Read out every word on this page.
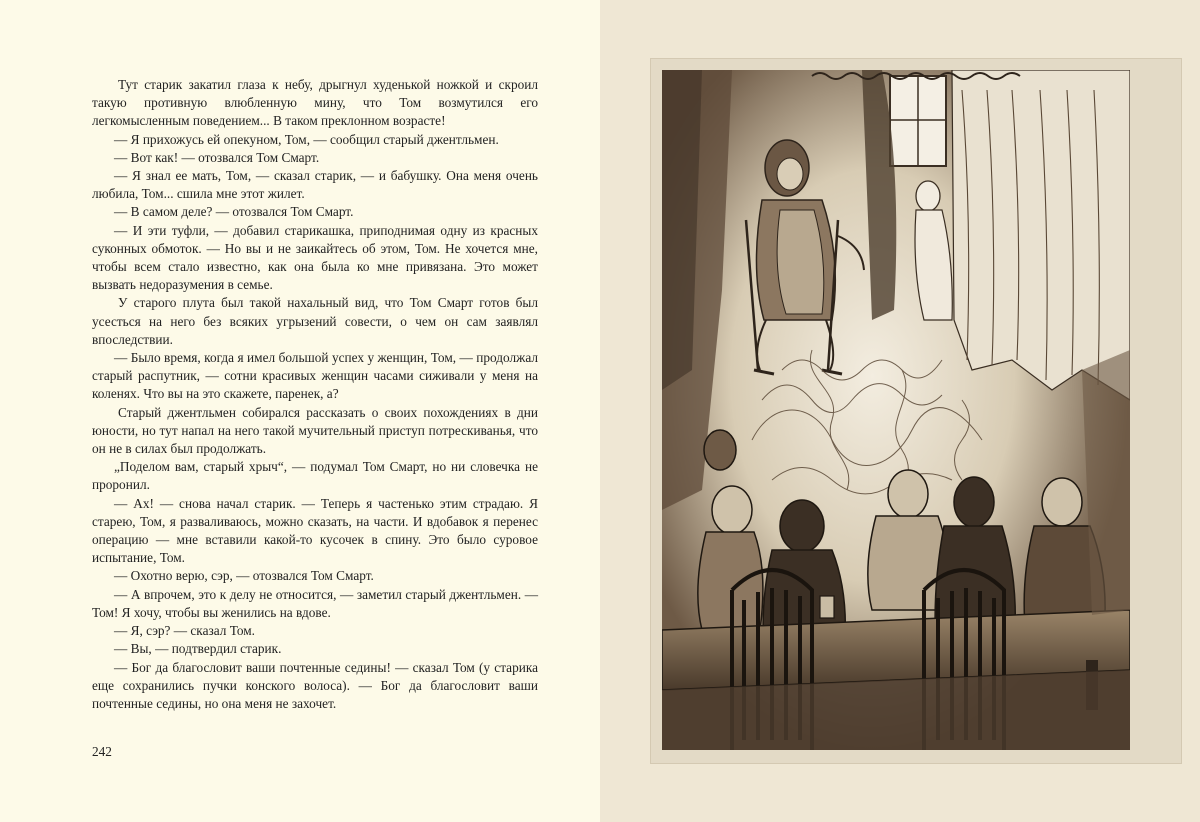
Тут старик закатил глаза к небу, дрыгнул худенькой ножкой и скроил такую противную влюбленную мину, что Том возмутился его легкомысленным поведением... В таком преклонном возрасте!

— Я прихожусь ей опекуном, Том, — сообщил старый джентльмен.

— Вот как! — отозвался Том Смарт.

— Я знал ее мать, Том, — сказал старик, — и бабушку. Она меня очень любила, Том... сшила мне этот жилет.

— В самом деле? — отозвался Том Смарт.

— И эти туфли, — добавил старикашка, приподнимая одну из красных суконных обмоток. — Но вы и не заикайтесь об этом, Том. Не хочется мне, чтобы всем стало известно, как она была ко мне привязана. Это может вызвать недоразумения в семье.

У старого плута был такой нахальный вид, что Том Смарт готов был усесться на него без всяких угрызений совести, о чем он сам заявлял впоследствии.

— Было время, когда я имел большой успех у женщин, Том, — продолжал старый распутник, — сотни красивых женщин часами сиживали у меня на коленях. Что вы на это скажете, паренек, а?

Старый джентльмен собирался рассказать о своих похождениях в дни юности, но тут напал на него такой мучительный приступ потрескиванья, что он не в силах был продолжать.

„Поделом вам, старый хрыч“, — подумал Том Смарт, но ни словечка не проронил.

— Ах! — снова начал старик. — Теперь я частенько этим страдаю. Я старею, Том, я разваливаюсь, можно сказать, на части. И вдобавок я перенес операцию — мне вставили какой-то кусочек в спину. Это было суровое испытание, Том.

— Охотно верю, сэр, — отозвался Том Смарт.

— А впрочем, это к делу не относится, — заметил старый джентльмен. — Том! Я хочу, чтобы вы женились на вдове.

— Я, сэр? — сказал Том.

— Вы, — подтвердил старик.

— Бог да благословит ваши почтенные седины! — сказал Том (у старика еще сохранились пучки конского волоса). — Бог да благословит ваши почтенные седины, но она меня не захочет.

242
